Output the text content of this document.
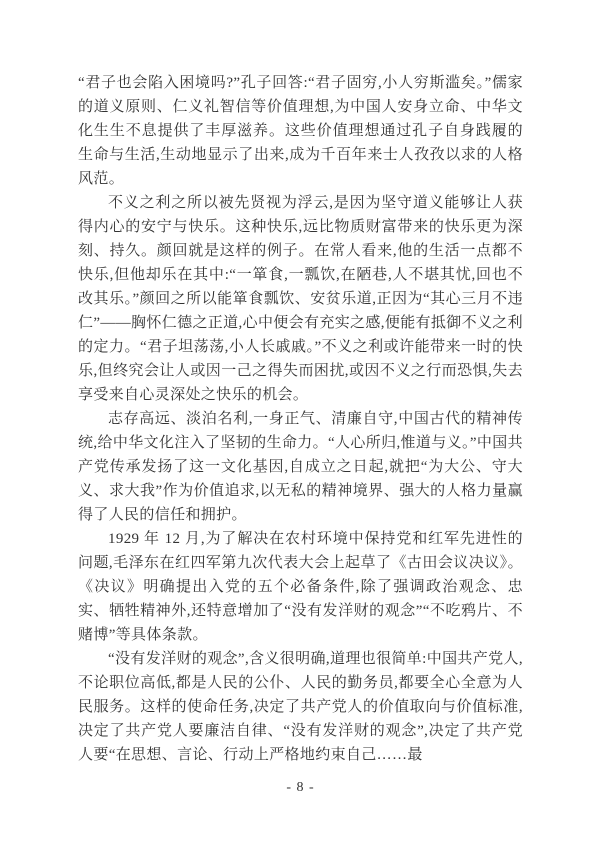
“君子也会陷入困境吗?”孔子回答:“君子固穷,小人穷斯滥矣。”儒家的道义原则、仁义礼智信等价值理想,为中国人安身立命、中华文化生生不息提供了丰厚滋养。这些价值理想通过孔子自身践履的生命与生活,生动地显示了出来,成为千百年来士人孜孜以求的人格风范。

不义之利之所以被先贤视为浮云,是因为坚守道义能够让人获得内心的安宁与快乐。这种快乐,远比物质财富带来的快乐更为深刻、持久。颜回就是这样的例子。在常人看来,他的生活一点都不快乐,但他却乐在其中:“一箪食,一瓢饮,在陋巷,人不堪其忧,回也不改其乐。”颜回之所以能箪食瓢饮、安贫乐道,正因为“其心三月不违仁”——胸怀仁德之正道,心中便会有充实之感,便能有抵御不义之利的定力。“君子坦荡荡,小人长戚戚。”不义之利或许能带来一时的快乐,但终究会让人或因一己之得失而困扰,或因不义之行而恐惧,失去享受来自心灵深处之快乐的机会。

志存高远、淡泊名利,一身正气、清廉自守,中国古代的精神传统,给中华文化注入了坚韧的生命力。“人心所归,惟道与义。”中国共产党传承发扬了这一文化基因,自成立之日起,就把“为大公、守大义、求大我”作为价值追求,以无私的精神境界、强大的人格力量赢得了人民的信任和拥护。

1929 年 12 月,为了解决在农村环境中保持党和红军先进性的问题,毛泽东在红四军第九次代表大会上起草了《古田会议决议》。《决议》明确提出入党的五个必备条件,除了强调政治观念、忠实、牺牲精神外,还特意增加了“没有发洋财的观念”“不吃鸦片、不赌博”等具体条款。

“没有发洋财的观念”,含义很明确,道理也很简单:中国共产党人,不论职位高低,都是人民的公仆、人民的勤务员,都要全心全意为人民服务。这样的使命任务,决定了共产党人的价值取向与价值标准,决定了共产党人要廉洁自律、“没有发洋财的观念”,决定了共产党人要“在思想、言论、行动上严格地约束自己……最

- 8 -
